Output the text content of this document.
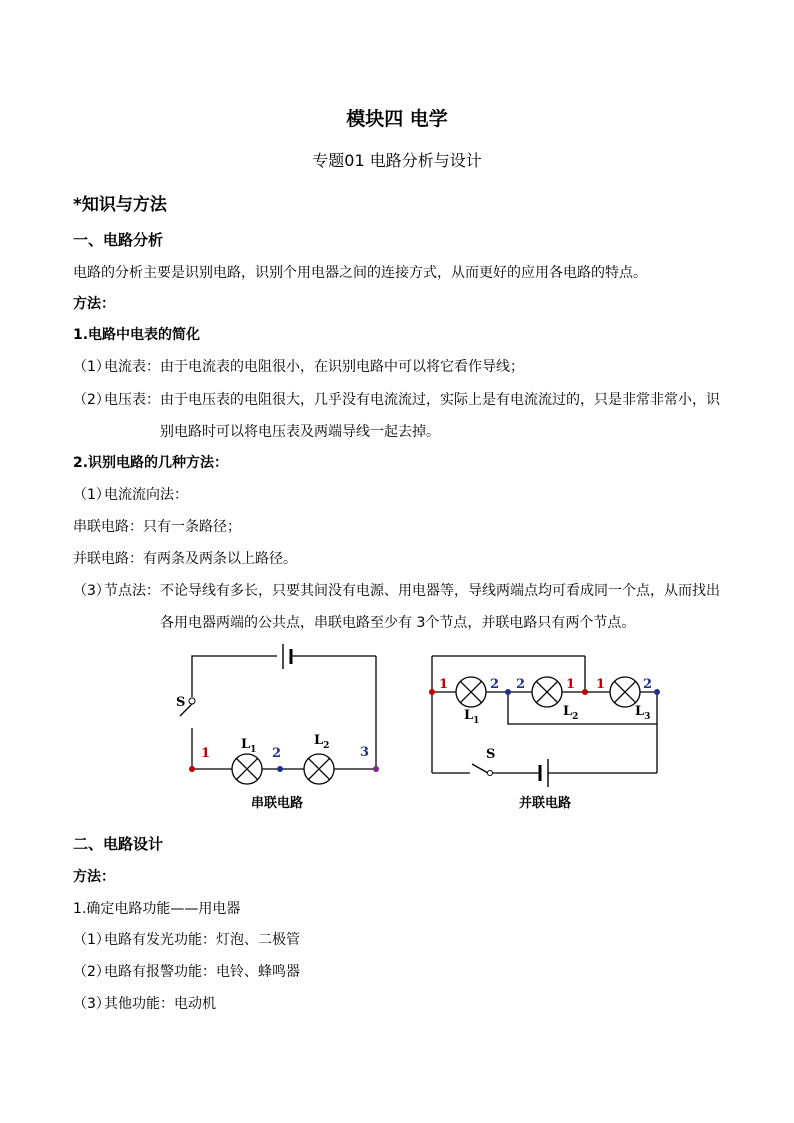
模块四 电学
专题01 电路分析与设计
*知识与方法
一、电路分析
电路的分析主要是识别电路，识别个用电器之间的连接方式，从而更好的应用各电路的特点。
方法：
1.电路中电表的简化
（1）
电流表：由于电流表的电阻很小，在识别电路中可以将它看作导线；
（2）
电压表：由于电压表的电阻很大，几乎没有电流流过，实际上是有电流流过的，只是非常非常小，识
别电路时可以将电压表及两端导线一起去掉。
2.识别电路的几种方法：
（1）
电流流向法：
串联电路：只有一条路径；
并联电路：有两条及两条以上路径。
（3）
节点法：不论导线有多长，只要其间没有电源、用电器等，导线两端点均可看成同一个点，从而找出
各用电器两端的公共点，串联电路至少有 3个节点，并联电路只有两个节点。
S
$L_1$
$L_2$
1	2	3
串联电路
S
$L_1$
$L_2$	$L_3$
1	2 2	1 1	2
并联电路
二、电路设计
方法：
1.确定电路功能——用电器
（1）
电路有发光功能：灯泡、二极管
（2）
电路有报警功能：电铃、蜂鸣器
（3）
其他功能：电动机
